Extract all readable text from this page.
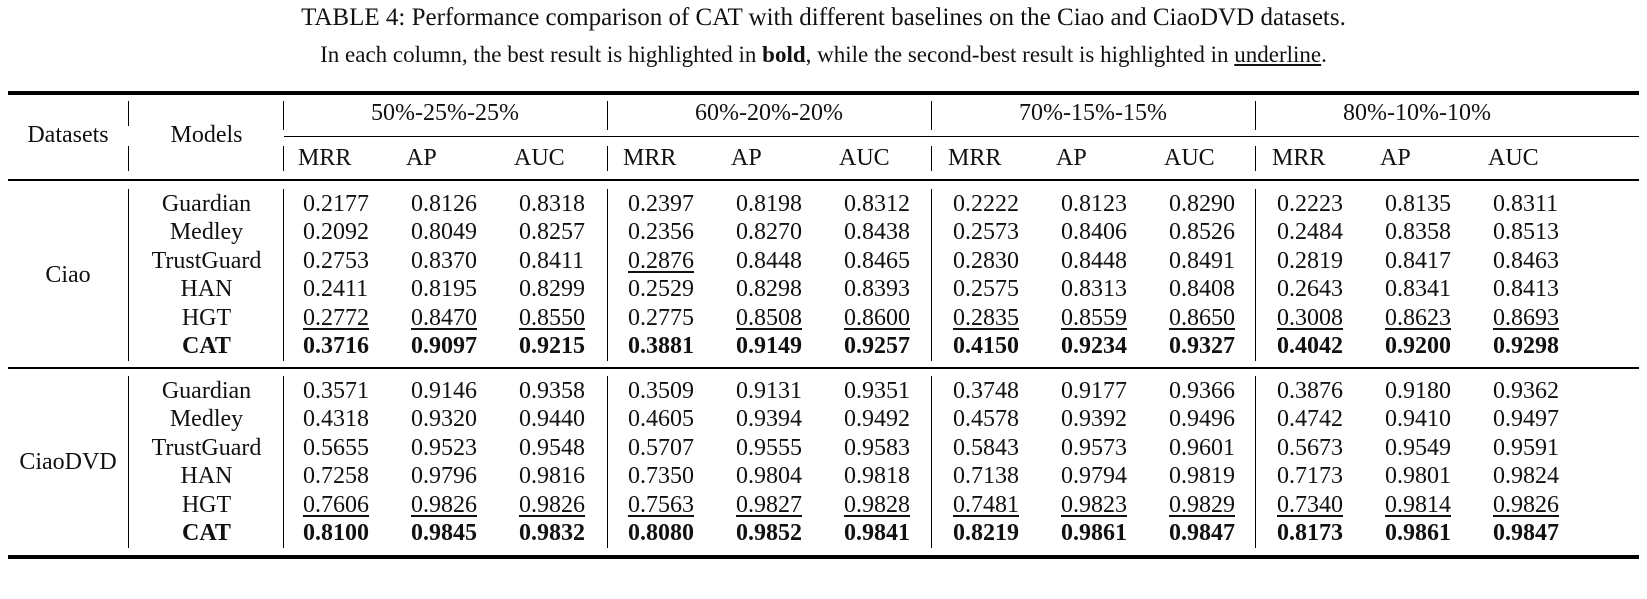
TABLE 4: Performance comparison of CAT with different baselines on the Ciao and CiaoDVD datasets.
In each column, the best result is highlighted in bold, while the second-best result is highlighted in underline.
Datasets	Models
50%-25%-25%	60%-20%-20%	70%-15%-15%	80%-10%-10%
MRR	AP	AUC	MRR	AP	AUC	MRR	AP	AUC	MRR	AP	AUC
Ciao
Guardian	0.2177 0.8126 0.8318 0.2397 0.8198 0.8312 0.2222 0.8123 0.8290 0.2223 0.8135 0.8311
Medley	0.2092 0.8049 0.8257 0.2356 0.8270 0.8438 0.2573 0.8406 0.8526 0.2484 0.8358 0.8513
TrustGuard	0.2753 0.8370 0.8411 0.2876 0.8448 0.8465 0.2830 0.8448 0.8491 0.2819 0.8417 0.8463
HAN	0.2411 0.8195 0.8299 0.2529 0.8298 0.8393 0.2575 0.8313 0.8408 0.2643 0.8341 0.8413
HGT	0.2772 0.8470 0.8550 0.2775 0.8508 0.8600 0.2835 0.8559 0.8650 0.3008 0.8623 0.8693
CAT	0.3716 0.9097 0.9215 0.3881 0.9149 0.9257 0.4150 0.9234 0.9327 0.4042 0.9200 0.9298
CiaoDVD
Guardian	0.3571 0.9146 0.9358 0.3509 0.9131 0.9351 0.3748 0.9177 0.9366 0.3876 0.9180 0.9362
Medley	0.4318 0.9320 0.9440 0.4605 0.9394 0.9492 0.4578 0.9392 0.9496 0.4742 0.9410 0.9497
TrustGuard	0.5655 0.9523 0.9548 0.5707 0.9555 0.9583 0.5843 0.9573 0.9601 0.5673 0.9549 0.9591
HAN	0.7258 0.9796 0.9816 0.7350 0.9804 0.9818 0.7138 0.9794 0.9819 0.7173 0.9801 0.9824
HGT	0.7606 0.9826 0.9826 0.7563 0.9827 0.9828 0.7481 0.9823 0.9829 0.7340 0.9814 0.9826
CAT	0.8100 0.9845 0.9832 0.8080 0.9852 0.9841 0.8219 0.9861 0.9847 0.8173 0.9861 0.9847
